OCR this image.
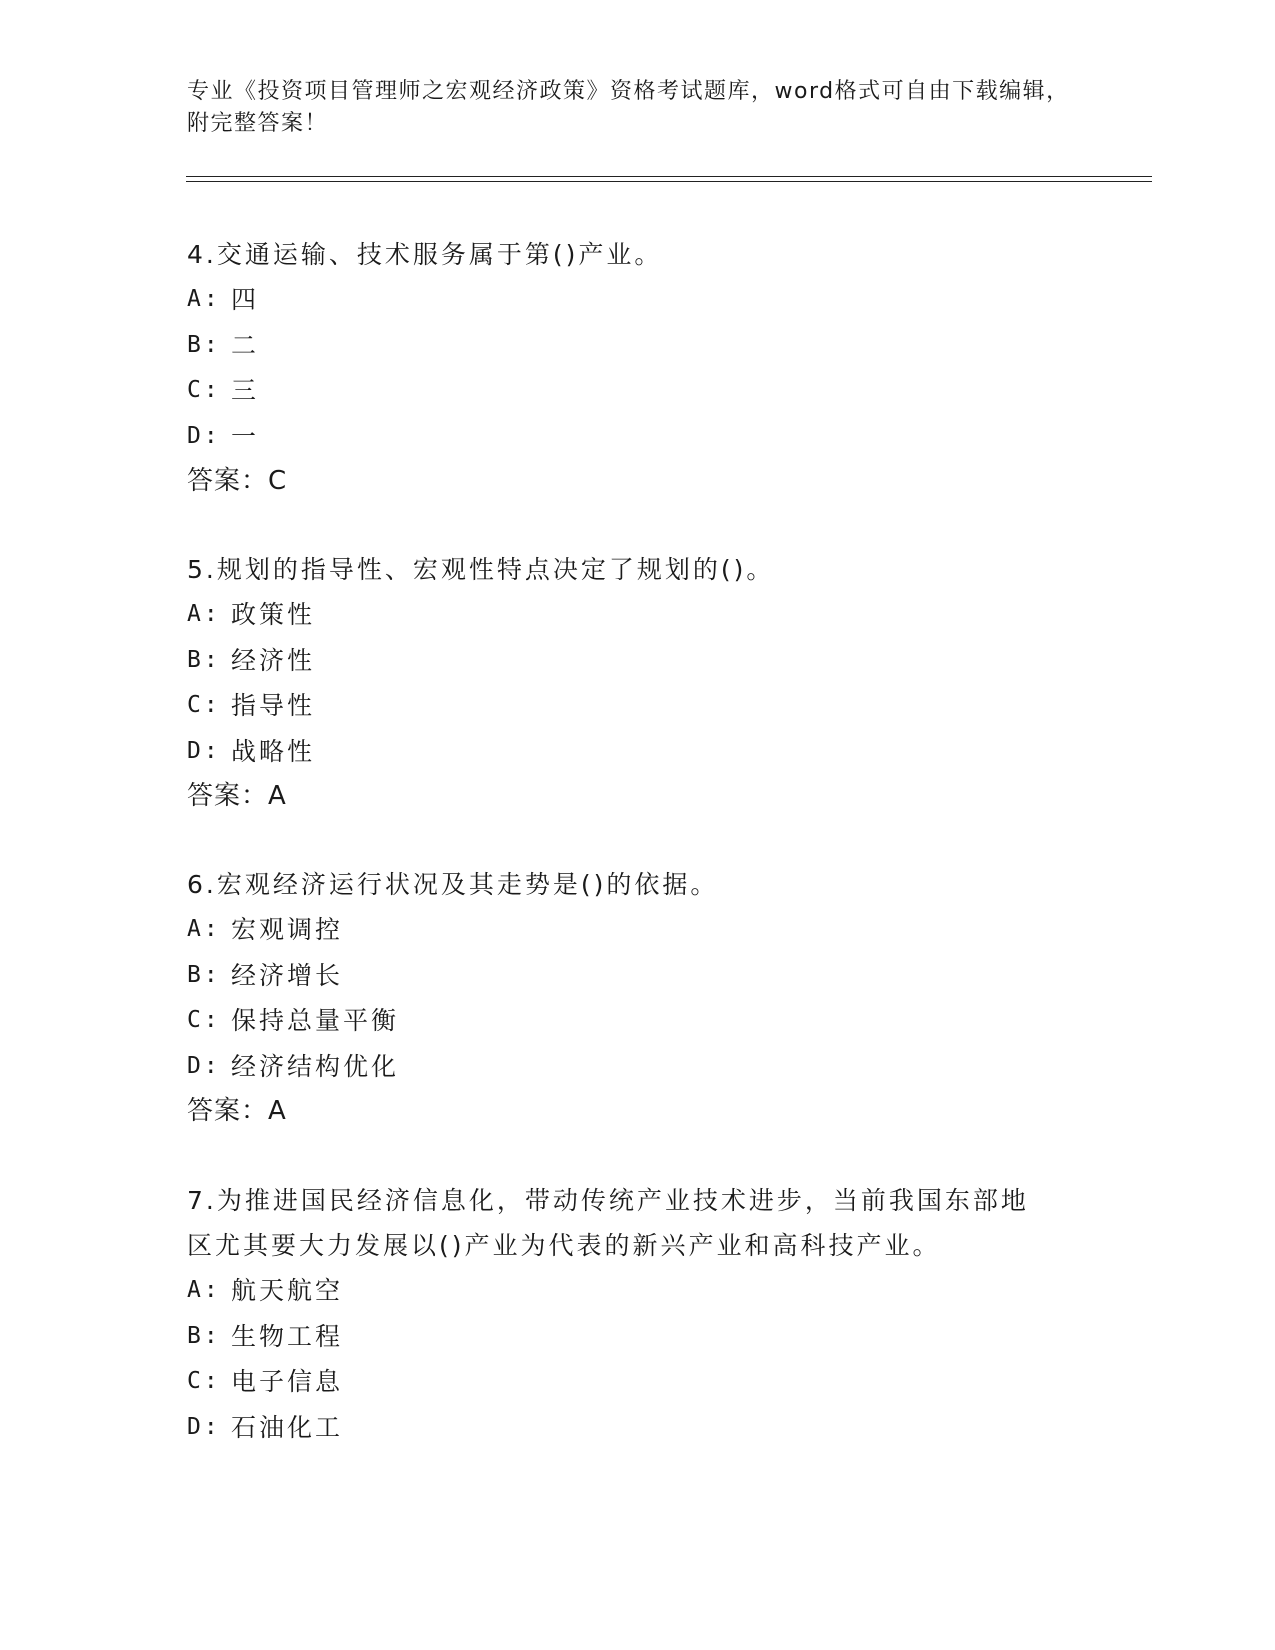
专业《投资项目管理师之宏观经济政策》资格考试题库，word格式可自由下载编辑，附完整答案！
4.交通运输、技术服务属于第()产业。
A: 四
B: 二
C: 三
D: 一
答案：C
5.规划的指导性、宏观性特点决定了规划的()。
A: 政策性
B: 经济性
C: 指导性
D: 战略性
答案：A
6.宏观经济运行状况及其走势是()的依据。
A: 宏观调控
B: 经济增长
C: 保持总量平衡
D: 经济结构优化
答案：A
7.为推进国民经济信息化，带动传统产业技术进步，当前我国东部地区尤其要大力发展以()产业为代表的新兴产业和高科技产业。
A: 航天航空
B: 生物工程
C: 电子信息
D: 石油化工
